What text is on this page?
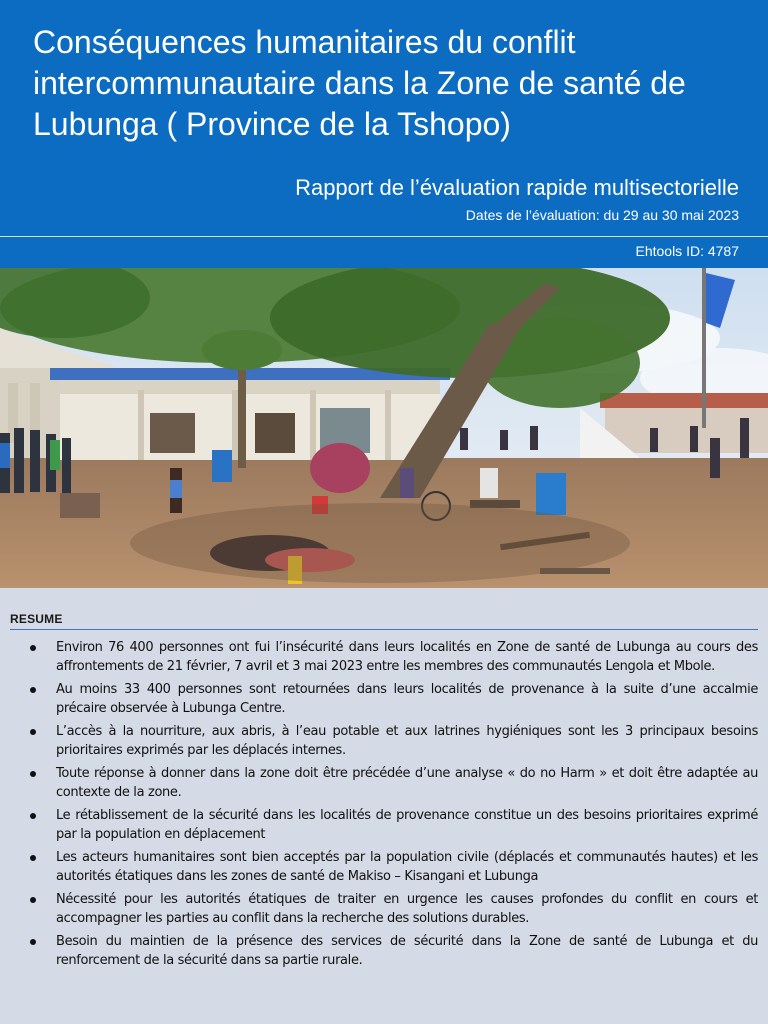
Conséquences humanitaires du conflit intercommunautaire dans la Zone de santé de Lubunga ( Province de la Tshopo)
Rapport de l’évaluation rapide multisectorielle
Dates de l’évaluation: du 29 au 30 mai 2023
Ehtools ID: 4787
RESUME
Environ 76 400 personnes ont fui l’insécurité dans leurs localités en Zone de santé de Lubunga au cours des affrontements de 21 février, 7 avril et 3 mai 2023 entre les membres des communautés Lengola et Mbole.
Au moins 33 400 personnes sont retournées dans leurs localités de provenance à la suite d’une accalmie précaire observée à Lubunga Centre.
L’accès à la nourriture, aux abris, à l’eau potable et aux latrines hygiéniques sont les 3 principaux besoins prioritaires exprimés par les déplacés internes.
Toute réponse à donner dans la zone doit être précédée d’une analyse « do no Harm » et doit être adaptée au contexte de la zone.
Le rétablissement de la sécurité dans les localités de provenance constitue un des besoins prioritaires exprimé par la population en déplacement
Les acteurs humanitaires sont bien acceptés par la population civile (déplacés et communautés hautes) et les autorités étatiques dans les zones de santé de Makiso – Kisangani et Lubunga
Nécessité pour les autorités étatiques de traiter en urgence les causes profondes du conflit en cours et accompagner les parties au conflit dans la recherche des solutions durables.
Besoin du maintien de la présence des services de sécurité dans la Zone de santé de Lubunga et du renforcement de la sécurité dans sa partie rurale.
